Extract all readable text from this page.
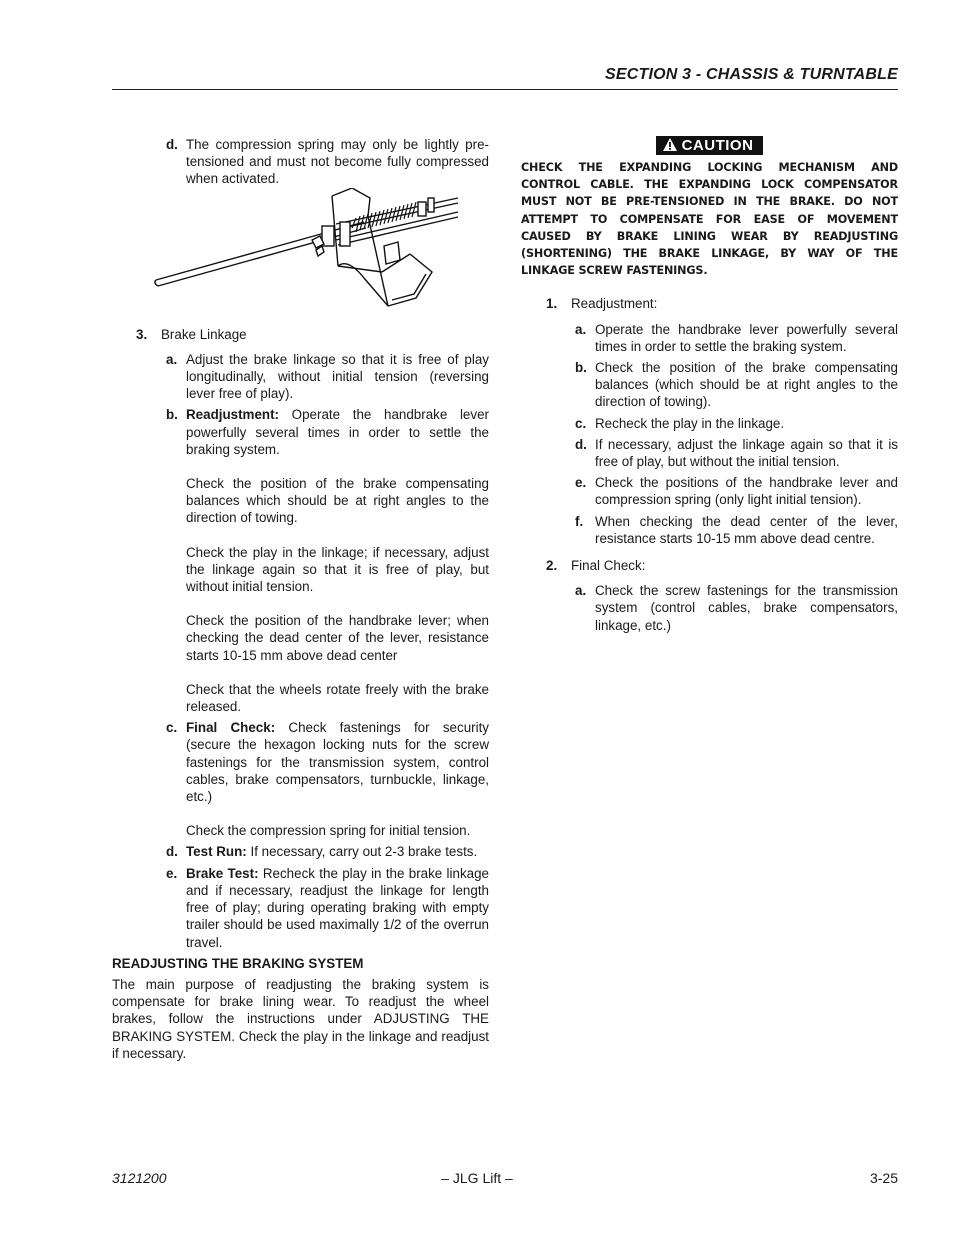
SECTION 3 - CHASSIS & TURNTABLE
d. The compression spring may only be lightly pre-tensioned and must not become fully compressed when activated.

3. Brake Linkage

a. Adjust the brake linkage so that it is free of play longitudinally, without initial tension (reversing lever free of play).

b. Readjustment: Operate the handbrake lever powerfully several times in order to settle the braking system.

Check the position of the brake compensating balances which should be at right angles to the direction of towing.

Check the play in the linkage; if necessary, adjust the linkage again so that it is free of play, but without initial tension.

Check the position of the handbrake lever; when checking the dead center of the lever, resistance starts 10-15 mm above dead center

Check that the wheels rotate freely with the brake released.

c. Final Check: Check fastenings for security (secure the hexagon locking nuts for the screw fastenings for the transmission system, control cables, brake compensators, turnbuckle, linkage, etc.)

Check the compression spring for initial tension.

d. Test Run: If necessary, carry out 2-3 brake tests.

e. Brake Test: Recheck the play in the brake linkage and if necessary, readjust the linkage for length free of play; during operating braking with empty trailer should be used maximally 1/2 of the overrun travel.

READJUSTING THE BRAKING SYSTEM

The main purpose of readjusting the braking system is compensate for brake lining wear. To readjust the wheel brakes, follow the instructions under ADJUSTING THE BRAKING SYSTEM. Check the play in the linkage and readjust if necessary.

CAUTION

CHECK THE EXPANDING LOCKING MECHANISM AND CONTROL CABLE. THE EXPANDING LOCK COMPENSATOR MUST NOT BE PRE-TENSIONED IN THE BRAKE. DO NOT ATTEMPT TO COMPENSATE FOR EASE OF MOVEMENT CAUSED BY BRAKE LINING WEAR BY READJUSTING (SHORTENING) THE BRAKE LINKAGE, BY WAY OF THE LINKAGE SCREW FASTENINGS.

1. Readjustment:

a. Operate the handbrake lever powerfully several times in order to settle the braking system.

b. Check the position of the brake compensating balances (which should be at right angles to the direction of towing).

c. Recheck the play in the linkage.

d. If necessary, adjust the linkage again so that it is free of play, but without the initial tension.

e. Check the positions of the handbrake lever and compression spring (only light initial tension).

f. When checking the dead center of the lever, resistance starts 10-15 mm above dead centre.

2. Final Check:

a. Check the screw fastenings for the transmission system (control cables, brake compensators, linkage, etc.)

3121200	– JLG Lift –	3-25
